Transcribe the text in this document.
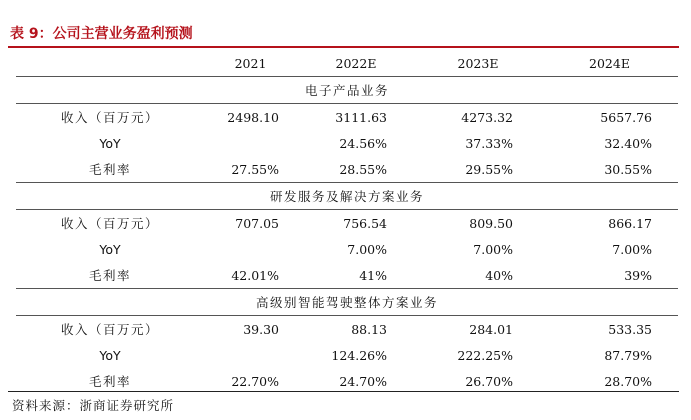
表 9：公司主营业务盈利预测
	2021	2022E	2023E	2024E
电子产品业务				
收入（百万元）	2498.10	3111.63	4273.32	5657.76
YoY		24.56%	37.33%	32.40%
毛利率	27.55%	28.55%	29.55%	30.55%
研发服务及解决方案业务				
收入（百万元）	707.05	756.54	809.50	866.17
YoY		7.00%	7.00%	7.00%
毛利率	42.01%	41%	40%	39%
高级别智能驾驶整体方案业务				
收入（百万元）	39.30	88.13	284.01	533.35
YoY		124.26%	222.25%	87.79%
毛利率	22.70%	24.70%	26.70%	28.70%
资料来源：浙商证券研究所
